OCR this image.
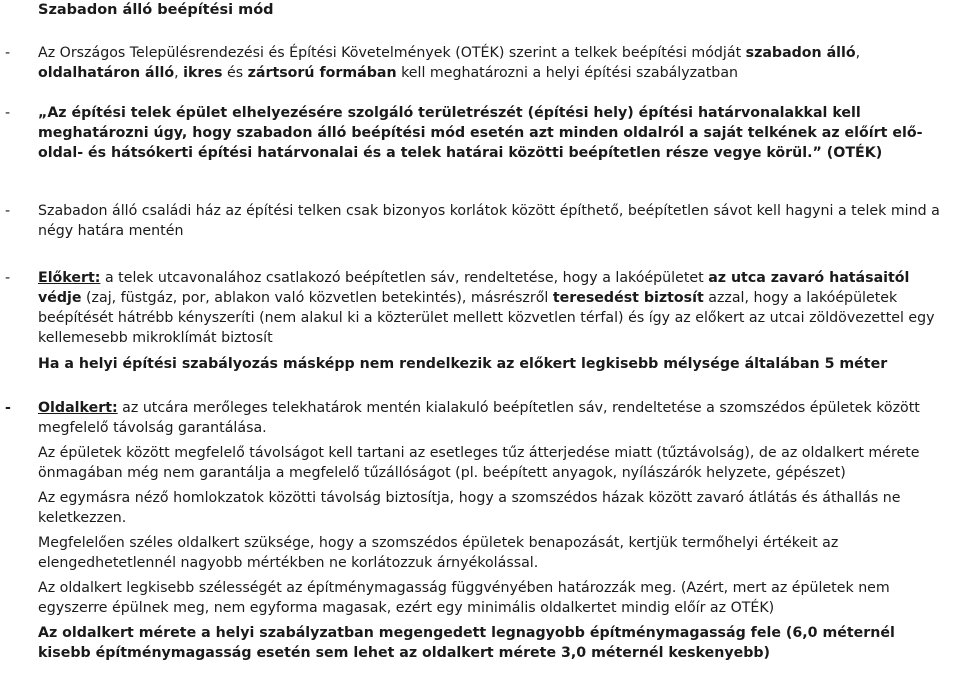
Szabadon álló beépítési mód
- Az Országos Településrendezési és Építési Követelmények (OTÉK) szerint a telkek beépítési módját szabadon álló, oldalhatáron álló, ikres és zártsorú formában kell meghatározni a helyi építési szabályzatban

- „Az építési telek épület elhelyezésére szolgáló területrészét (építési hely) építési határvonalakkal kell meghatározni úgy, hogy szabadon álló beépítési mód esetén azt minden oldalról a saját telkének az előírt elő-oldal- és hátsókerti építési határvonalai és a telek határai közötti beépítetlen része vegye körül.” (OTÉK)

- Szabadon álló családi ház az építési telken csak bizonyos korlátok között építhető, beépítetlen sávot kell hagyni a telek mind a négy határa mentén

- Előkert: a telek utcavonalához csatlakozó beépítetlen sáv, rendeltetése, hogy a lakóépületet az utca zavaró hatásaitól védje (zaj, füstgáz, por, ablakon való közvetlen betekintés), másrészről teresedést biztosít azzal, hogy a lakóépületek beépítését hátrébb kényszeríti (nem alakul ki a közterület mellett közvetlen térfal) és így az előkert az utcai zöldövezettel egy kellemesebb mikroklímát biztosít

Ha a helyi építési szabályozás másképp nem rendelkezik az előkert legkisebb mélysége általában 5 méter

- Oldalkert: az utcára merőleges telekhatárok mentén kialakuló beépítetlen sáv, rendeltetése a szomszédos épületek között megfelelő távolság garantálása.

Az épületek között megfelelő távolságot kell tartani az esetleges tűz átterjedése miatt (tűztávolság), de az oldalkert mérete önmagában még nem garantálja a megfelelő tűzállóságot (pl. beépített anyagok, nyílászárók helyzete, gépészet)

Az egymásra néző homlokzatok közötti távolság biztosítja, hogy a szomszédos házak között zavaró átlátás és áthallás ne keletkezzen.

Megfelelően széles oldalkert szüksége, hogy a szomszédos épületek benapozását, kertjük termőhelyi értékeit az elengedhetetlennél nagyobb mértékben ne korlátozzuk árnyékolással.

Az oldalkert legkisebb szélességét az építménymagasság függvényében határozzák meg. (Azért, mert az épületek nem egyszerre épülnek meg, nem egyforma magasak, ezért egy minimális oldalkertet mindig előír az OTÉK)

Az oldalkert mérete a helyi szabályzatban megengedett legnagyobb építménymagasság fele (6,0 méternél kisebb építménymagasság esetén sem lehet az oldalkert mérete 3,0 méternél keskenyebb)
